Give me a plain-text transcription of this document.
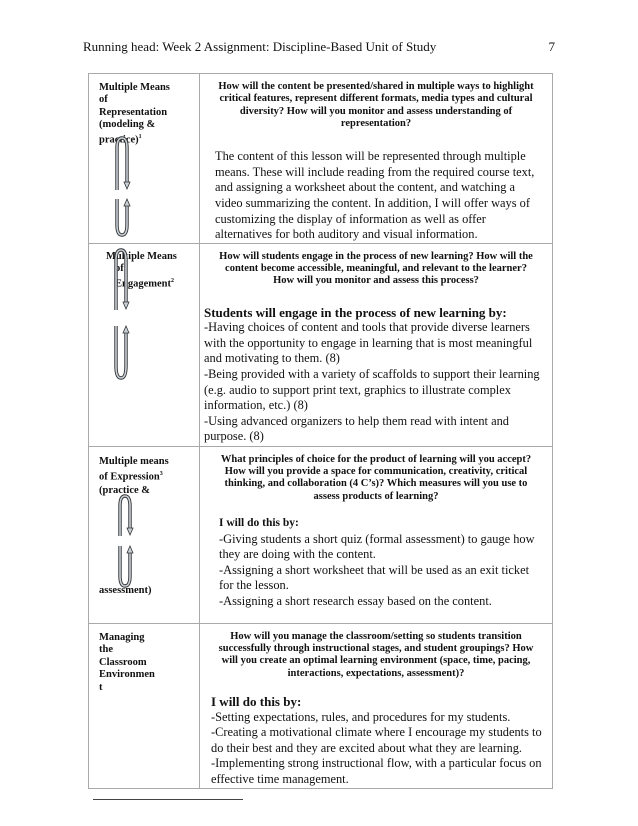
Running head: Week 2 Assignment: Discipline-Based Unit of Study	7
Multiple Means
of
Representation
(modeling &
practice)$^1$

How will the content be presented/shared in multiple ways to highlight critical features, represent different formats, media types and cultural diversity? How will you monitor and assess understanding of representation?
The content of this lesson will be represented through multiple means. These will include reading from the required course text, and assigning a worksheet about the content, and watching a video summarizing the content. In addition, I will offer ways of customizing the display of information as well as offer alternatives for both auditory and visual information.

Multiple Means
of
Engagement$^2$

How will students engage in the process of new learning? How will the content become accessible, meaningful, and relevant to the learner? How will you monitor and assess this process?
Students will engage in the process of new learning by:
-Having choices of content and tools that provide diverse learners with the opportunity to engage in learning that is most meaningful and motivating to them. (8)
-Being provided with a variety of scaffolds to support their learning (e.g. audio to support print text, graphics to illustrate complex information, etc.) (8)
-Using advanced organizers to help them read with intent and purpose. (8)

Multiple means
of Expression$^3$
(practice &
assessment)

What principles of choice for the product of learning will you accept? How will you provide a space for communication, creativity, critical thinking, and collaboration (4 C’s)? Which measures will you use to assess products of learning?
I will do this by:
-Giving students a short quiz (formal assessment) to gauge how they are doing with the content.
-Assigning a short worksheet that will be used as an exit ticket for the lesson.
-Assigning a short research essay based on the content.

Managing
the
Classroom
Environmen
t

How will you manage the classroom/setting so students transition successfully through instructional stages, and student groupings? How will you create an optimal learning environment (space, time, pacing, interactions, expectations, assessment)?
I will do this by:
-Setting expectations, rules, and procedures for my students.
-Creating a motivational climate where I encourage my students to do their best and they are excited about what they are learning.
-Implementing strong instructional flow, with a particular focus on effective time management.
